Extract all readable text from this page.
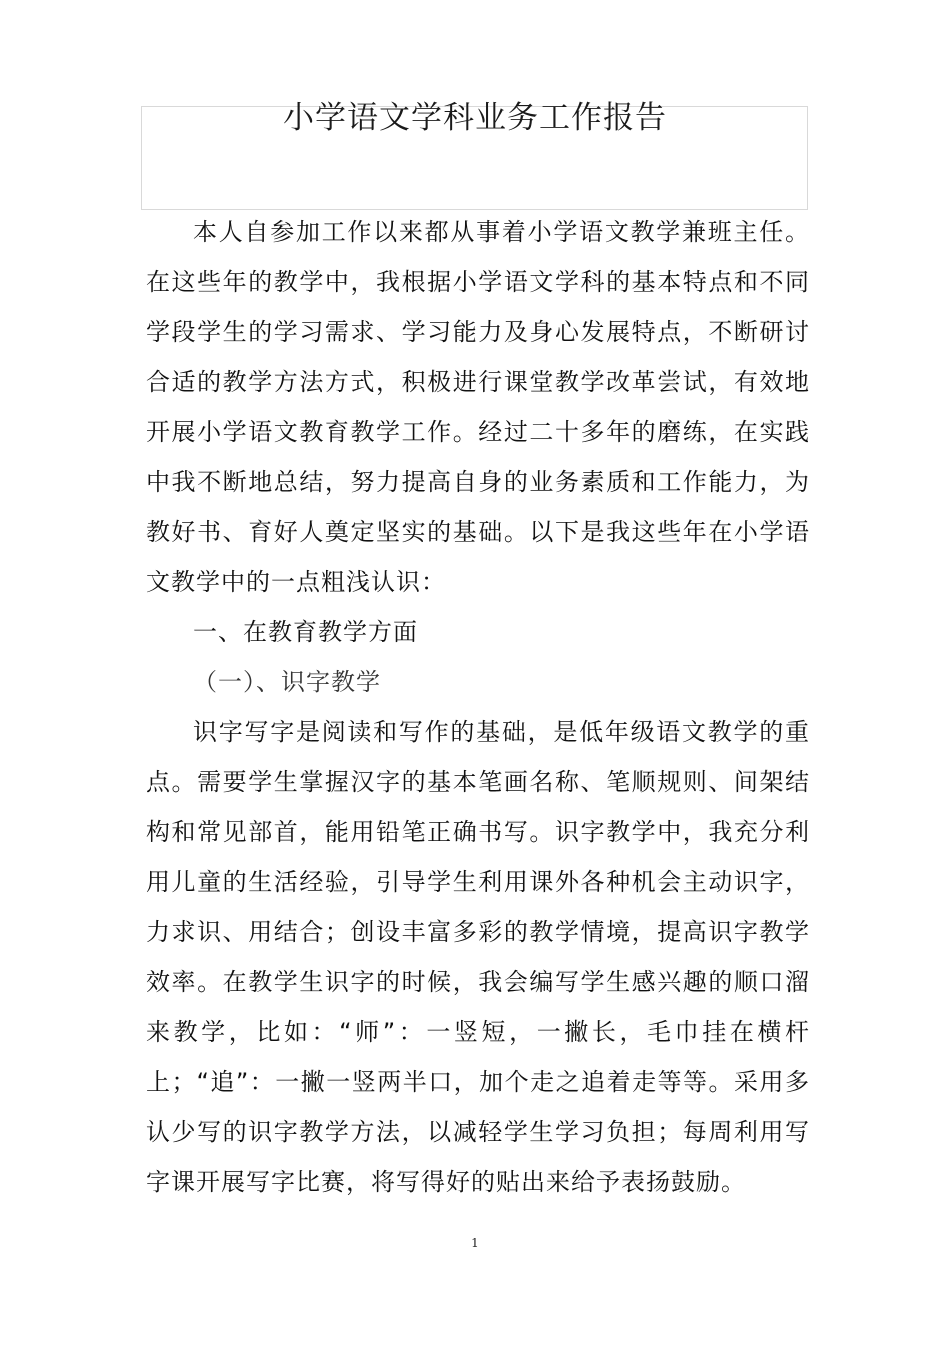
小学语文学科业务工作报告

本人自参加工作以来都从事着小学语文教学兼班主任。在这些年的教学中，我根据小学语文学科的基本特点和不同学段学生的学习需求、学习能力及身心发展特点，不断研讨合适的教学方法方式，积极进行课堂教学改革尝试，有效地开展小学语文教育教学工作。经过二十多年的磨练，在实践中我不断地总结，努力提高自身的业务素质和工作能力，为教好书、育好人奠定坚实的基础。以下是我这些年在小学语文教学中的一点粗浅认识：

一、在教育教学方面

（一）、识字教学

识字写字是阅读和写作的基础，是低年级语文教学的重点。需要学生掌握汉字的基本笔画名称、笔顺规则、间架结构和常见部首，能用铅笔正确书写。识字教学中，我充分利用儿童的生活经验，引导学生利用课外各种机会主动识字，力求识、用结合；创设丰富多彩的教学情境，提高识字教学效率。在教学生识字的时候，我会编写学生感兴趣的顺口溜来教学，比如：“师”：一竖短，一撇长，毛巾挂在横杆上；“追”：一撇一竖两半口，加个走之追着走等等。采用多认少写的识字教学方法，以减轻学生学习负担；每周利用写字课开展写字比赛，将写得好的贴出来给予表扬鼓励。

1
